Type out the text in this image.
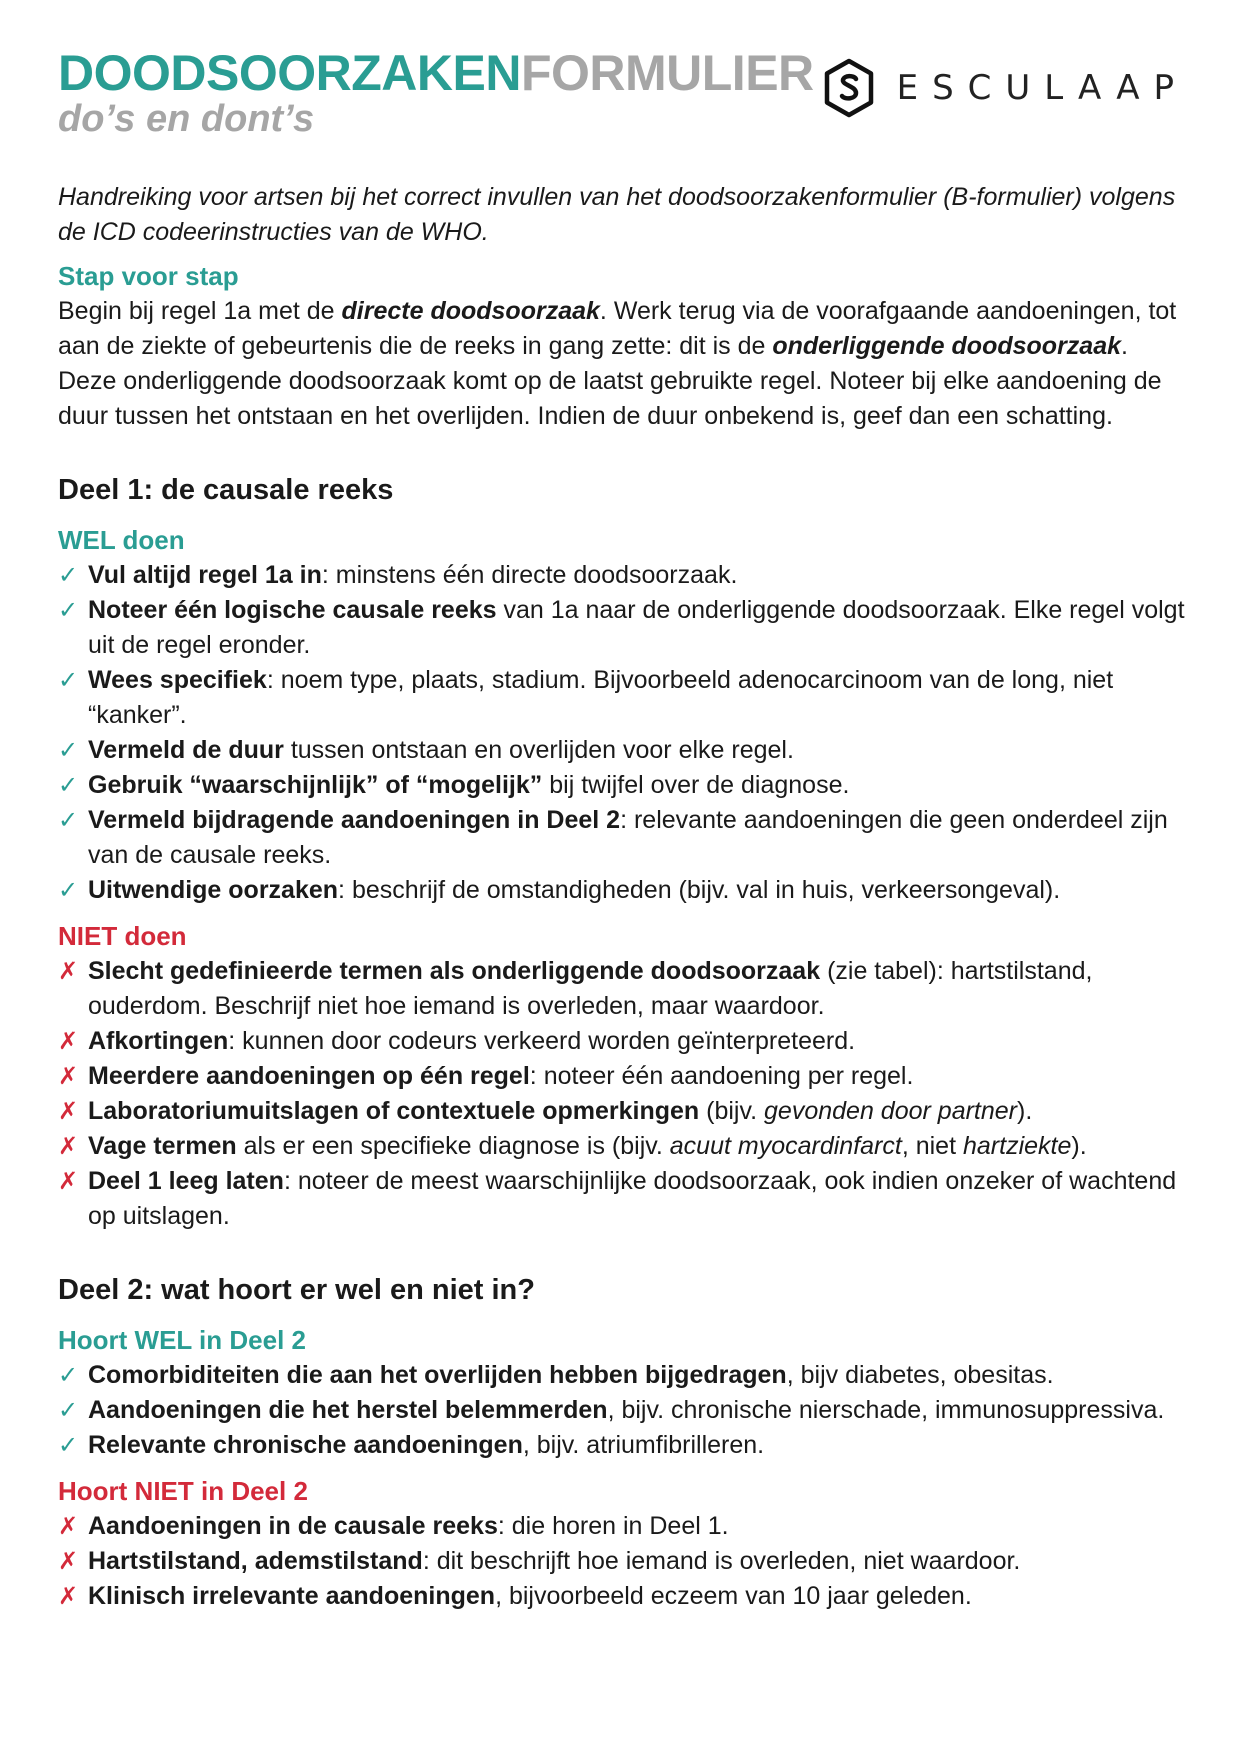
DOODSOORZAKENFORMULIER
do’s en dont’s
ESCULAAP
Handreiking voor artsen bij het correct invullen van het doodsoorzakenformulier (B-formulier) volgens de ICD codeerinstructies van de WHO.
Stap voor stap
Begin bij regel 1a met de directe doodsoorzaak. Werk terug via de voorafgaande aandoeningen, tot aan de ziekte of gebeurtenis die de reeks in gang zette: dit is de onderliggende doodsoorzaak. Deze onderliggende doodsoorzaak komt op de laatst gebruikte regel. Noteer bij elke aandoening de duur tussen het ontstaan en het overlijden. Indien de duur onbekend is, geef dan een schatting.
Deel 1: de causale reeks
WEL doen
✓ Vul altijd regel 1a in: minstens één directe doodsoorzaak.
✓ Noteer één logische causale reeks van 1a naar de onderliggende doodsoorzaak. Elke regel volgt uit de regel eronder.
✓ Wees specifiek: noem type, plaats, stadium. Bijvoorbeeld adenocarcinoom van de long, niet “kanker”.
✓ Vermeld de duur tussen ontstaan en overlijden voor elke regel.
✓ Gebruik “waarschijnlijk” of “mogelijk” bij twijfel over de diagnose.
✓ Vermeld bijdragende aandoeningen in Deel 2: relevante aandoeningen die geen onderdeel zijn van de causale reeks.
✓ Uitwendige oorzaken: beschrijf de omstandigheden (bijv. val in huis, verkeersongeval).
NIET doen
✗ Slecht gedefinieerde termen als onderliggende doodsoorzaak (zie tabel): hartstilstand, ouderdom. Beschrijf niet hoe iemand is overleden, maar waardoor.
✗ Afkortingen: kunnen door codeurs verkeerd worden geïnterpreteerd.
✗ Meerdere aandoeningen op één regel: noteer één aandoening per regel.
✗ Laboratoriumuitslagen of contextuele opmerkingen (bijv. gevonden door partner).
✗ Vage termen als er een specifieke diagnose is (bijv. acuut myocardinfarct, niet hartziekte).
✗ Deel 1 leeg laten: noteer de meest waarschijnlijke doodsoorzaak, ook indien onzeker of wachtend op uitslagen.
Deel 2: wat hoort er wel en niet in?
Hoort WEL in Deel 2
✓ Comorbiditeiten die aan het overlijden hebben bijgedragen, bijv diabetes, obesitas.
✓ Aandoeningen die het herstel belemmerden, bijv. chronische nierschade, immunosuppressiva.
✓ Relevante chronische aandoeningen, bijv. atriumfibrilleren.
Hoort NIET in Deel 2
✗ Aandoeningen in de causale reeks: die horen in Deel 1.
✗ Hartstilstand, ademstilstand: dit beschrijft hoe iemand is overleden, niet waardoor.
✗ Klinisch irrelevante aandoeningen, bijvoorbeeld eczeem van 10 jaar geleden.
